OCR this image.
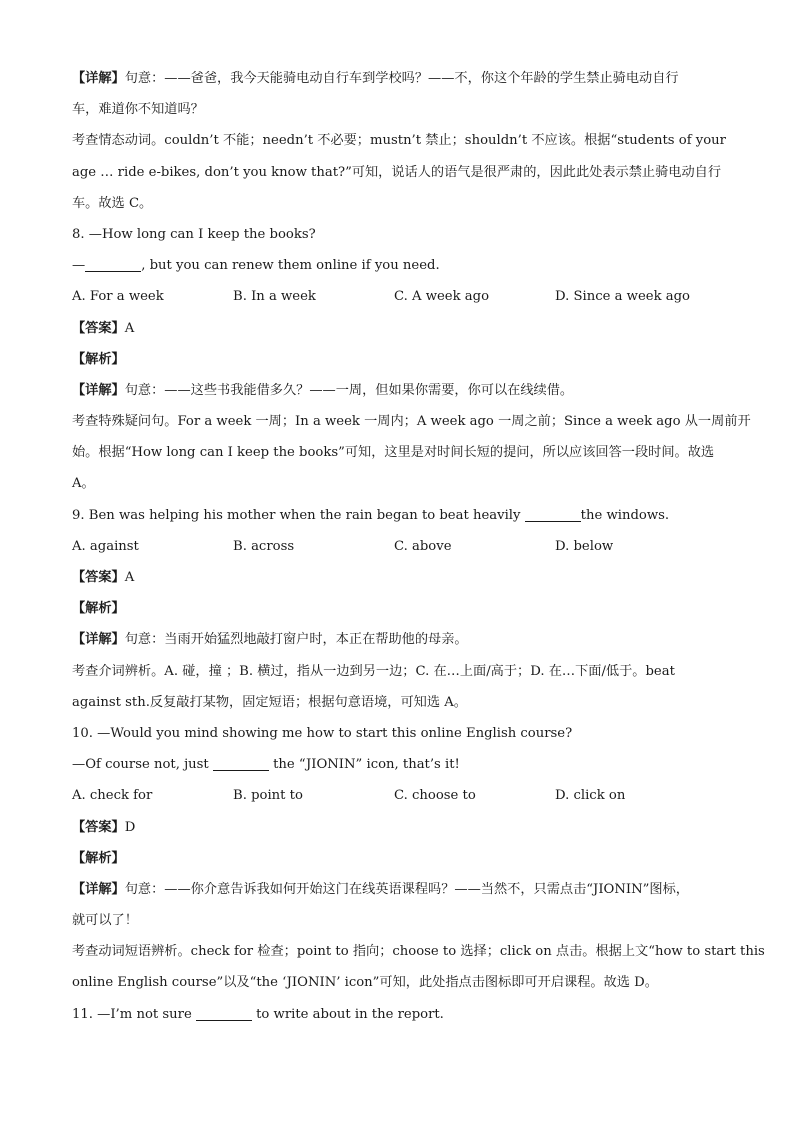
【详解】句意：——爸爸，我今天能骑电动自行车到学校吗？——不，你这个年龄的学生禁止骑电动自行
车，难道你不知道吗？
考查情态动词。couldn’t 不能；needn’t 不必要；mustn’t 禁止；shouldn’t 不应该。根据“students of your
age … ride e-bikes, don’t you know that?”可知，说话人的语气是很严肃的，因此此处表示禁止骑电动自行
车。故选 C。
8. —How long can I keep the books?
—	, but you can renew them online if you need.
A. For a week	B. In a week	C. A week ago	D. Since a week ago
【答案】A
【解析】
【详解】句意：——这些书我能借多久？——一周，但如果你需要，你可以在线续借。
考查特殊疑问句。For a week 一周；In a week 一周内；A week ago 一周之前；Since a week ago 从一周前开
始。根据“How long can I keep the books”可知，这里是对时间长短的提问，所以应该回答一段时间。故选
A。
9. Ben was helping his mother when the rain began to beat heavily	the windows.
A. against	B. across	C. above	D. below
【答案】A
【解析】
【详解】句意：当雨开始猛烈地敲打窗户时，本正在帮助他的母亲。
考查介词辨析。A. 碰，撞 ；B. 横过，指从一边到另一边；C. 在…上面/高于；D. 在…下面/低于。beat
against sth.反复敲打某物，固定短语；根据句意语境，可知选 A。
10. —Would you mind showing me how to start this online English course?
—Of course not, just	the “JIONIN” icon, that’s it!
A. check for	B. point to	C. choose to	D. click on
【答案】D
【解析】
【详解】句意：——你介意告诉我如何开始这门在线英语课程吗？——当然不，只需点击“JIONIN”图标，
就可以了！
考查动词短语辨析。check for 检查；point to 指向；choose to 选择；click on 点击。根据上文“how to start this
online English course”以及“the ‘JIONIN’ icon”可知，此处指点击图标即可开启课程。故选 D。
11. —I’m not sure	to write about in the report.
